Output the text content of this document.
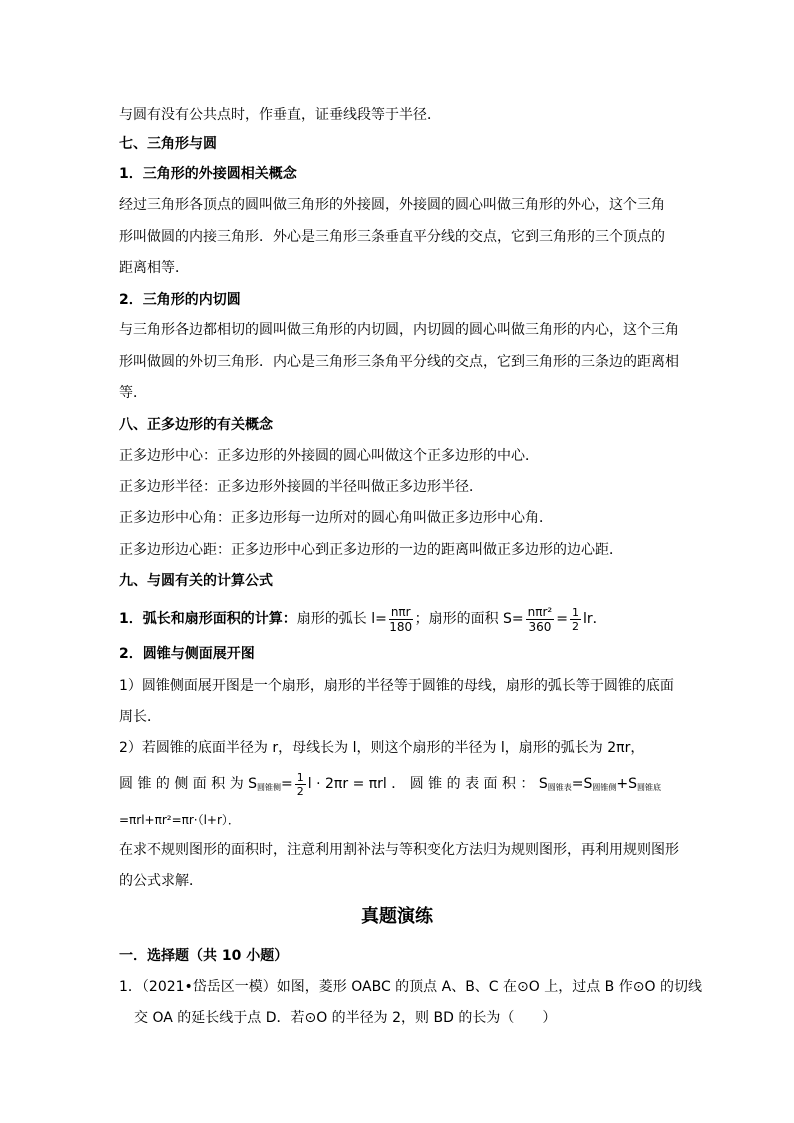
与圆有没有公共点时，作垂直，证垂线段等于半径．
七、三角形与圆
1．三角形的外接圆相关概念
经过三角形各顶点的圆叫做三角形的外接圆，外接圆的圆心叫做三角形的外心，这个三角
形叫做圆的内接三角形．外心是三角形三条垂直平分线的交点，它到三角形的三个顶点的
距离相等．
2．三角形的内切圆
与三角形各边都相切的圆叫做三角形的内切圆，内切圆的圆心叫做三角形的内心，这个三角
形叫做圆的外切三角形．内心是三角形三条角平分线的交点，它到三角形的三条边的距离相
等．
八、正多边形的有关概念
正多边形中心：正多边形的外接圆的圆心叫做这个正多边形的中心．
正多边形半径：正多边形外接圆的半径叫做正多边形半径．
正多边形中心角：正多边形每一边所对的圆心角叫做正多边形中心角．
正多边形边心距：正多边形中心到正多边形的一边的距离叫做正多边形的边心距．
九、与圆有关的计算公式
1．弧长和扇形面积的计算：扇形的弧长 $l= \frac{\text{nπr}}{180}$ ；扇形的面积 $S= \frac{\text{nπr²}}{360} = \frac{1}{2}$ lr．
2．圆锥与侧面展开图
1）圆锥侧面展开图是一个扇形，扇形的半径等于圆锥的母线，扇形的弧长等于圆锥的底面
周长．
2）若圆锥的底面半径为 r，母线长为 l，则这个扇形的半径为 l，扇形的弧长为 2πr，
圆 锥 的 侧 面 积 为 $S_{圆锥侧}= \frac{1}{2}$ l · 2πr = πrl ． 圆 锥 的 表 面 积 ： $S_{圆锥表}=S_{圆锥侧}+S_{圆锥底}$
=πrl+πr²=πr·（l+r）．
在求不规则图形的面积时，注意利用割补法与等积变化方法归为规则图形，再利用规则图形
的公式求解．
真题演练
一．选择题（共 10 小题）
1．（2021•岱岳区一模）如图，菱形 OABC 的顶点 A、B、C 在⊙O 上，过点 B 作⊙O 的切线
交 OA 的延长线于点 D．若⊙O 的半径为 2，则 BD 的长为（　　）
